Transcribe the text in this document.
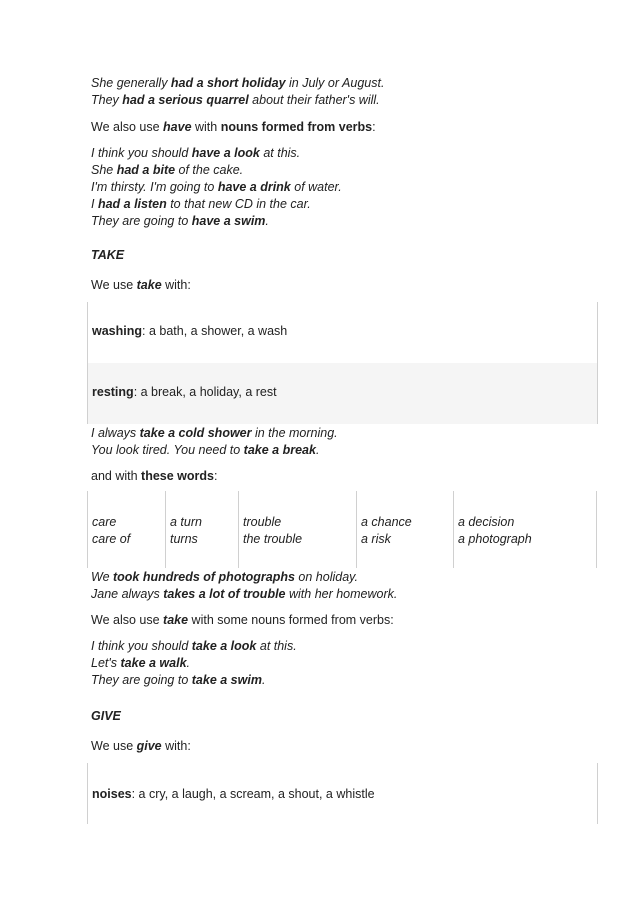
She generally had a short holiday in July or August.
They had a serious quarrel about their father's will.
We also use have with nouns formed from verbs:
I think you should have a look at this.
She had a bite of the cake.
I'm thirsty. I'm going to have a drink of water.
I had a listen to that new CD in the car.
They are going to have a swim.
TAKE
We use take with:
washing: a bath, a shower, a wash
resting: a break, a holiday, a rest
I always take a cold shower in the morning.
You look tired. You need to take a break.
and with these words:
care
care of
a turn
turns
trouble
the trouble
a chance
a risk
a decision
a photograph
We took hundreds of photographs on holiday.
Jane always takes a lot of trouble with her homework.
We also use take with some nouns formed from verbs:
I think you should take a look at this.
Let's take a walk.
They are going to take a swim.
GIVE
We use give with:
noises: a cry, a laugh, a scream, a shout, a whistle
